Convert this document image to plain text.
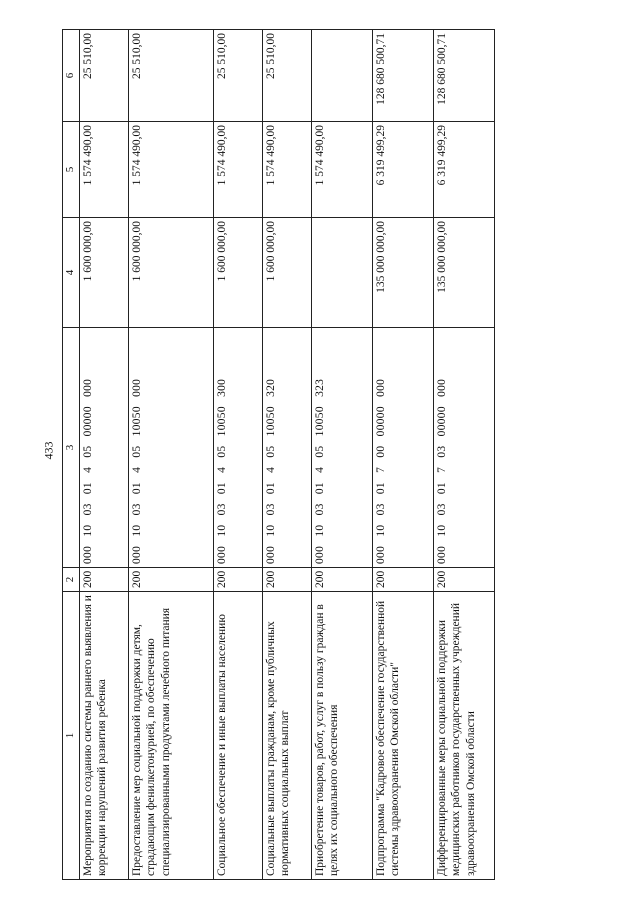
433
1	2	3	4	5	6
Мероприятия по созданию системы раннего выявления и коррекции нарушений развития ребенка	200	000 10 03 01 4 05 00000 000	1 600 000,00	1 574 490,00	25 510,00
Предоставление мер социальной поддержки детям, страдающим фенилкетонурией, по обеспечению специализированными продуктами лечебного питания	200	000 10 03 01 4 05 10050 000	1 600 000,00	1 574 490,00	25 510,00
Социальное обеспечение и иные выплаты населению	200	000 10 03 01 4 05 10050 300	1 600 000,00	1 574 490,00	25 510,00
Социальные выплаты гражданам, кроме публичных нормативных социальных выплат	200	000 10 03 01 4 05 10050 320	1 600 000,00	1 574 490,00	25 510,00
Приобретение товаров, работ, услуг в пользу граждан в целях их социального обеспечения	200	000 10 03 01 4 05 10050 323		1 574 490,00	
Подпрограмма "Кадровое обеспечение государственной системы здравоохранения Омской области"	200	000 10 03 01 7 00 00000 000	135 000 000,00	6 319 499,29	128 680 500,71
Дифференцированные меры социальной поддержки медицинских работников государственных учреждений здравоохранения Омской области	200	000 10 03 01 7 03 00000 000	135 000 000,00	6 319 499,29	128 680 500,71
